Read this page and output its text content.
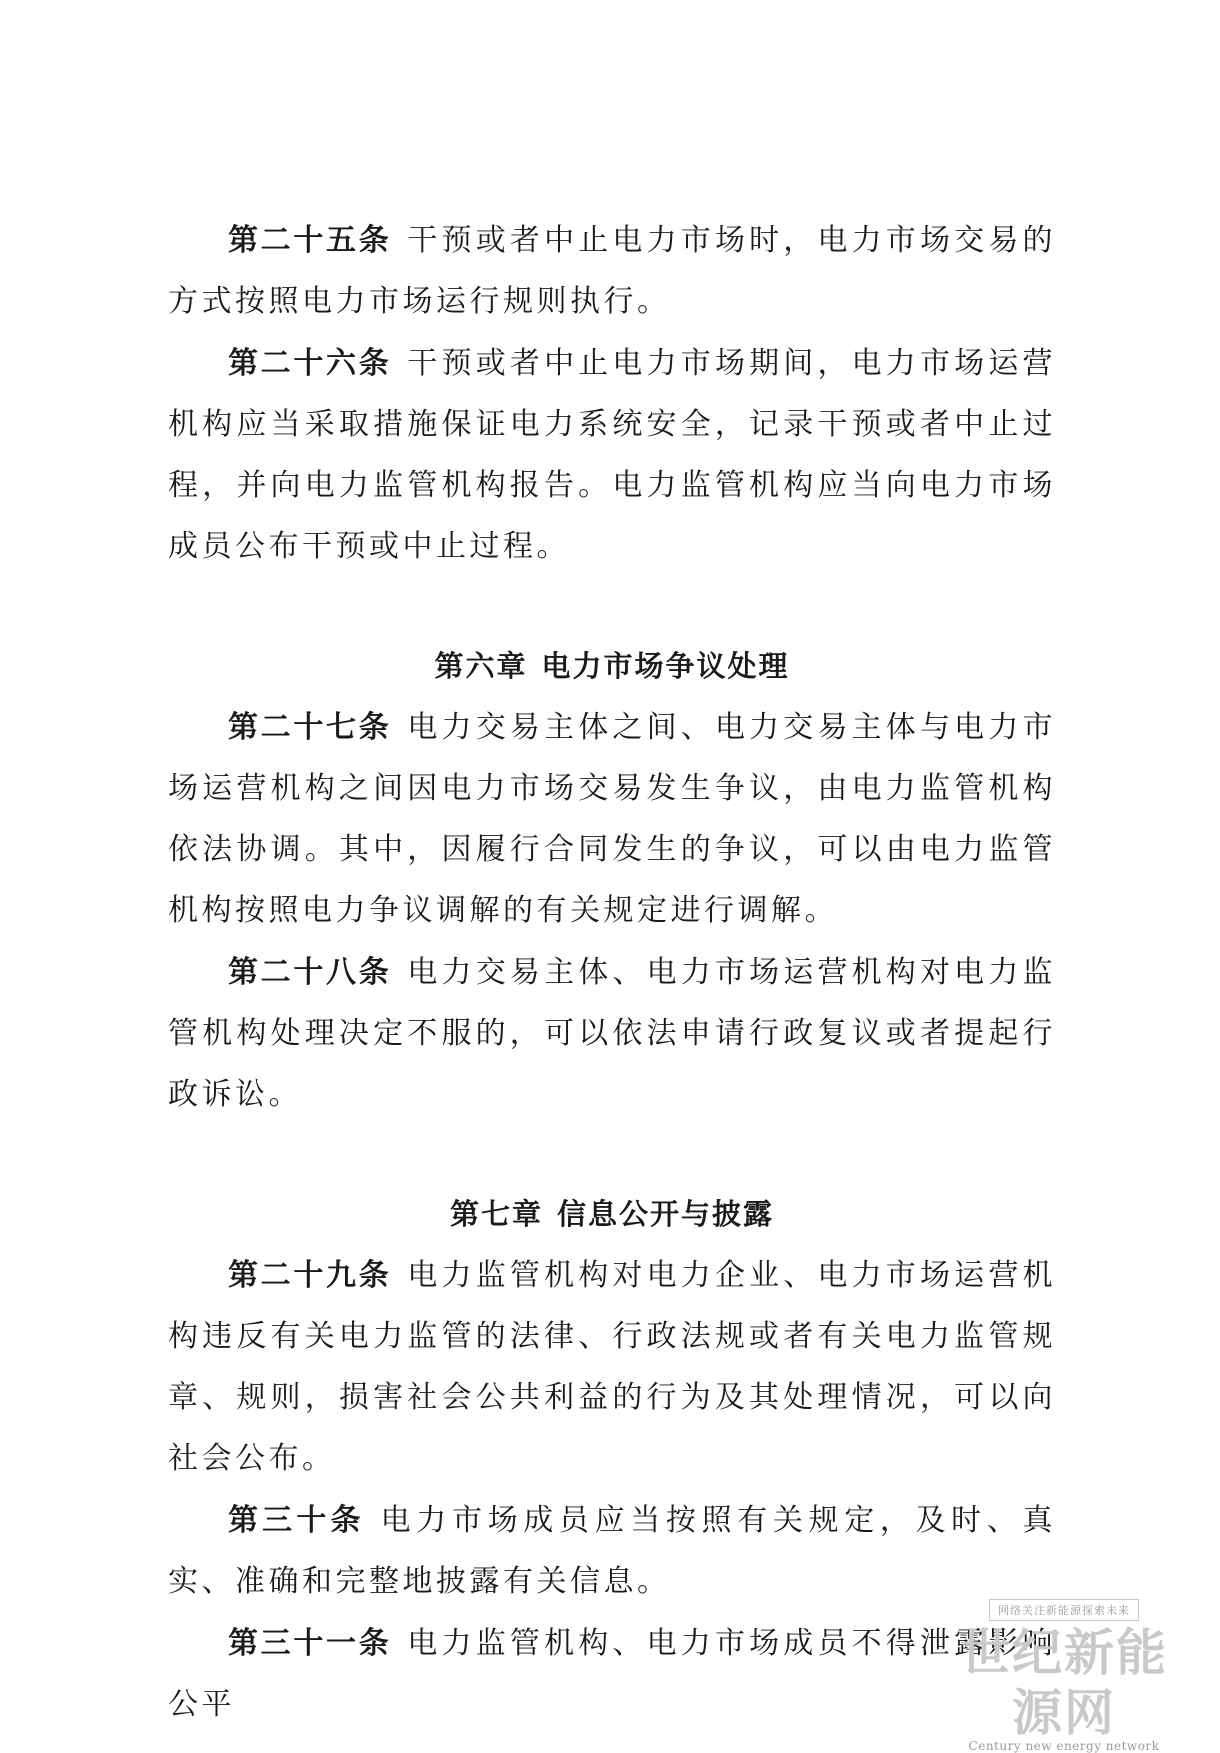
第二十五条 干预或者中止电力市场时，电力市场交易的方式按照电力市场运行规则执行。

第二十六条 干预或者中止电力市场期间，电力市场运营机构应当采取措施保证电力系统安全，记录干预或者中止过程，并向电力监管机构报告。电力监管机构应当向电力市场成员公布干预或中止过程。

第六章 电力市场争议处理

第二十七条 电力交易主体之间、电力交易主体与电力市场运营机构之间因电力市场交易发生争议，由电力监管机构依法协调。其中，因履行合同发生的争议，可以由电力监管机构按照电力争议调解的有关规定进行调解。

第二十八条 电力交易主体、电力市场运营机构对电力监管机构处理决定不服的，可以依法申请行政复议或者提起行政诉讼。

第七章 信息公开与披露

第二十九条 电力监管机构对电力企业、电力市场运营机构违反有关电力监管的法律、行政法规或者有关电力监管规章、规则，损害社会公共利益的行为及其处理情况，可以向社会公布。

第三十条 电力市场成员应当按照有关规定，及时、真实、准确和完整地披露有关信息。

第三十一条 电力监管机构、电力市场成员不得泄露影响公平

网络关注新能源探索未来
世纪新能源网
Century new energy network
